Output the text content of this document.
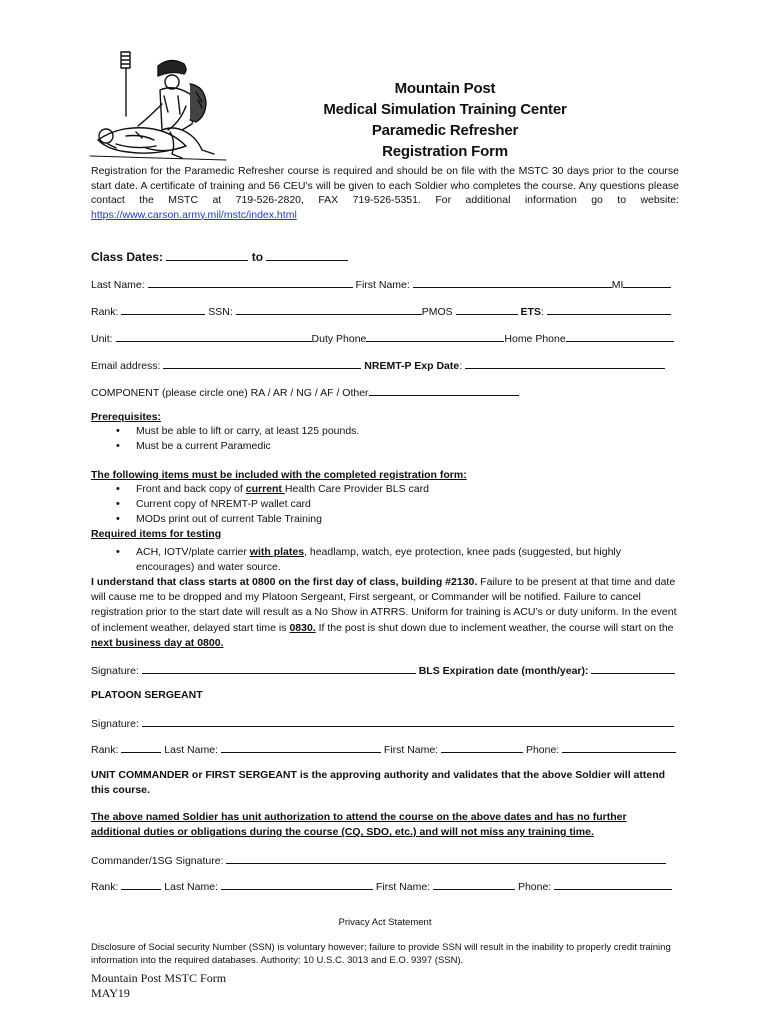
Mountain Post
Medical Simulation Training Center
Paramedic Refresher
Registration Form
Registration for the Paramedic Refresher course is required and should be on file with the MSTC 30 days prior to the course start date. A certificate of training and 56 CEU’s will be given to each Soldier who completes the course. Any questions please contact the MSTC at 719-526-2820, FAX 719-526-5351. For additional information go to website: https://www.carson.army.mil/mstc/index.html
Class Dates:	to
Last Name:	First Name:	MI
Rank:	SSN:	PMOS	ETS:
Unit:	Duty Phone	Home Phone
Email address:	NREMT-P Exp Date:
COMPONENT (please circle one) RA / AR / NG / AF / Other
Prerequisites:
• Must be able to lift or carry, at least 125 pounds.
• Must be a current Paramedic
The following items must be included with the completed registration form:
• Front and back copy of current Health Care Provider BLS card
• Current copy of NREMT-P wallet card
• MODs print out of current Table Training
Required items for testing
• ACH, IOTV/plate carrier with plates, headlamp, watch, eye protection, knee pads (suggested, but highly encourages) and water source.
I understand that class starts at 0800 on the first day of class, building #2130. Failure to be present at that time and date will cause me to be dropped and my Platoon Sergeant, First sergeant, or Commander will be notified. Failure to cancel registration prior to the start date will result as a No Show in ATRRS. Uniform for training is ACU’s or duty uniform. In the event of inclement weather, delayed start time is 0830. If the post is shut down due to inclement weather, the course will start on the next business day at 0800.
Signature:	BLS Expiration date (month/year):
PLATOON SERGEANT
Signature:
Rank:	Last Name:	First Name:	Phone:
UNIT COMMANDER or FIRST SERGEANT is the approving authority and validates that the above Soldier will attend this course.
The above named Soldier has unit authorization to attend the course on the above dates and has no further additional duties or obligations during the course (CQ, SDO, etc.) and will not miss any training time.
Commander/1SG Signature:
Rank:	Last Name:	First Name:	Phone:
Privacy Act Statement
Disclosure of Social security Number (SSN) is voluntary however; failure to provide SSN will result in the inability to properly credit training information into the required databases. Authority: 10 U.S.C. 3013 and E.O. 9397 (SSN).
Mountain Post MSTC Form
MAY19
